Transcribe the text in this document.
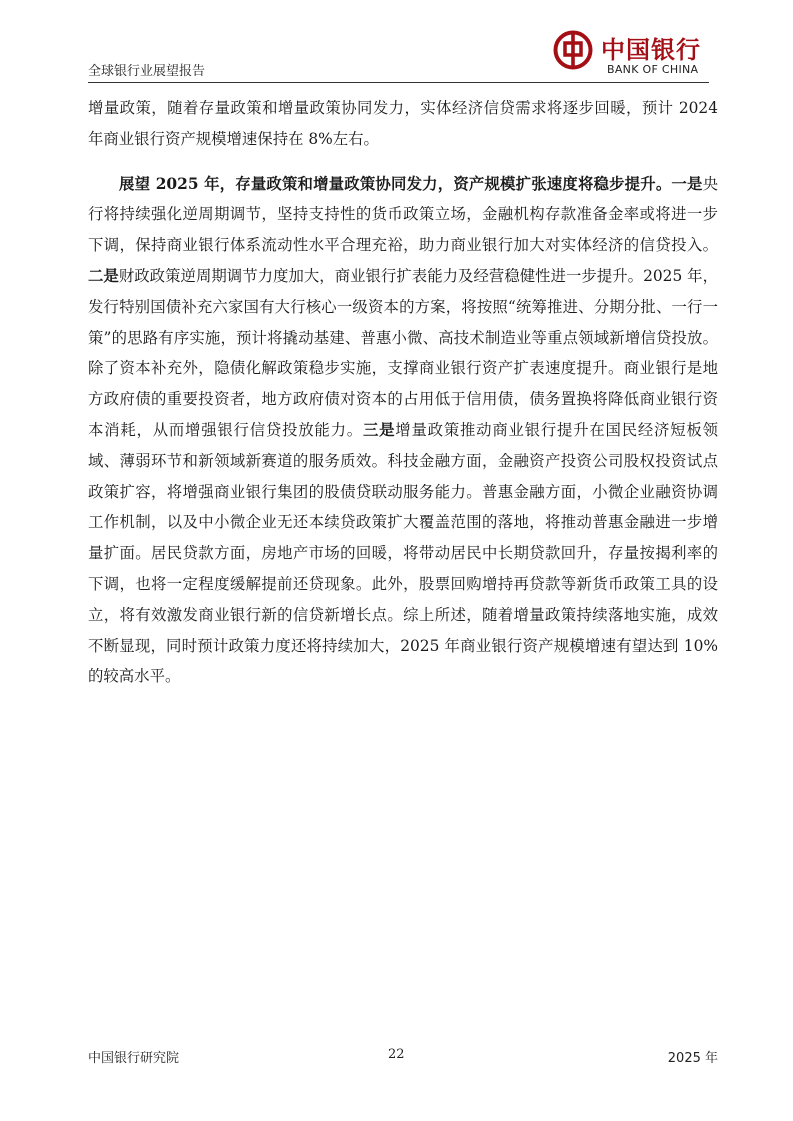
全球银行业展望报告
中国银行
BANK OF CHINA

增量政策，随着存量政策和增量政策协同发力，实体经济信贷需求将逐步回暖，预计 2024 年商业银行资产规模增速保持在 8%左右。

展望 2025 年，存量政策和增量政策协同发力，资产规模扩张速度将稳步提升。一是央行将持续强化逆周期调节，坚持支持性的货币政策立场，金融机构存款准备金率或将进一步下调，保持商业银行体系流动性水平合理充裕，助力商业银行加大对实体经济的信贷投入。二是财政政策逆周期调节力度加大，商业银行扩表能力及经营稳健性进一步提升。2025 年，发行特别国债补充六家国有大行核心一级资本的方案，将按照“统筹推进、分期分批、一行一策”的思路有序实施，预计将撬动基建、普惠小微、高技术制造业等重点领域新增信贷投放。除了资本补充外，隐债化解政策稳步实施，支撑商业银行资产扩表速度提升。商业银行是地方政府债的重要投资者，地方政府债对资本的占用低于信用债，债务置换将降低商业银行资本消耗，从而增强银行信贷投放能力。三是增量政策推动商业银行提升在国民经济短板领域、薄弱环节和新领域新赛道的服务质效。科技金融方面，金融资产投资公司股权投资试点政策扩容，将增强商业银行集团的股债贷联动服务能力。普惠金融方面，小微企业融资协调工作机制，以及中小微企业无还本续贷政策扩大覆盖范围的落地，将推动普惠金融进一步增量扩面。居民贷款方面，房地产市场的回暖，将带动居民中长期贷款回升，存量按揭利率的下调，也将一定程度缓解提前还贷现象。此外，股票回购增持再贷款等新货币政策工具的设立，将有效激发商业银行新的信贷新增长点。综上所述，随着增量政策持续落地实施，成效不断显现，同时预计政策力度还将持续加大，2025 年商业银行资产规模增速有望达到 10%的较高水平。

中国银行研究院	22	2025 年
